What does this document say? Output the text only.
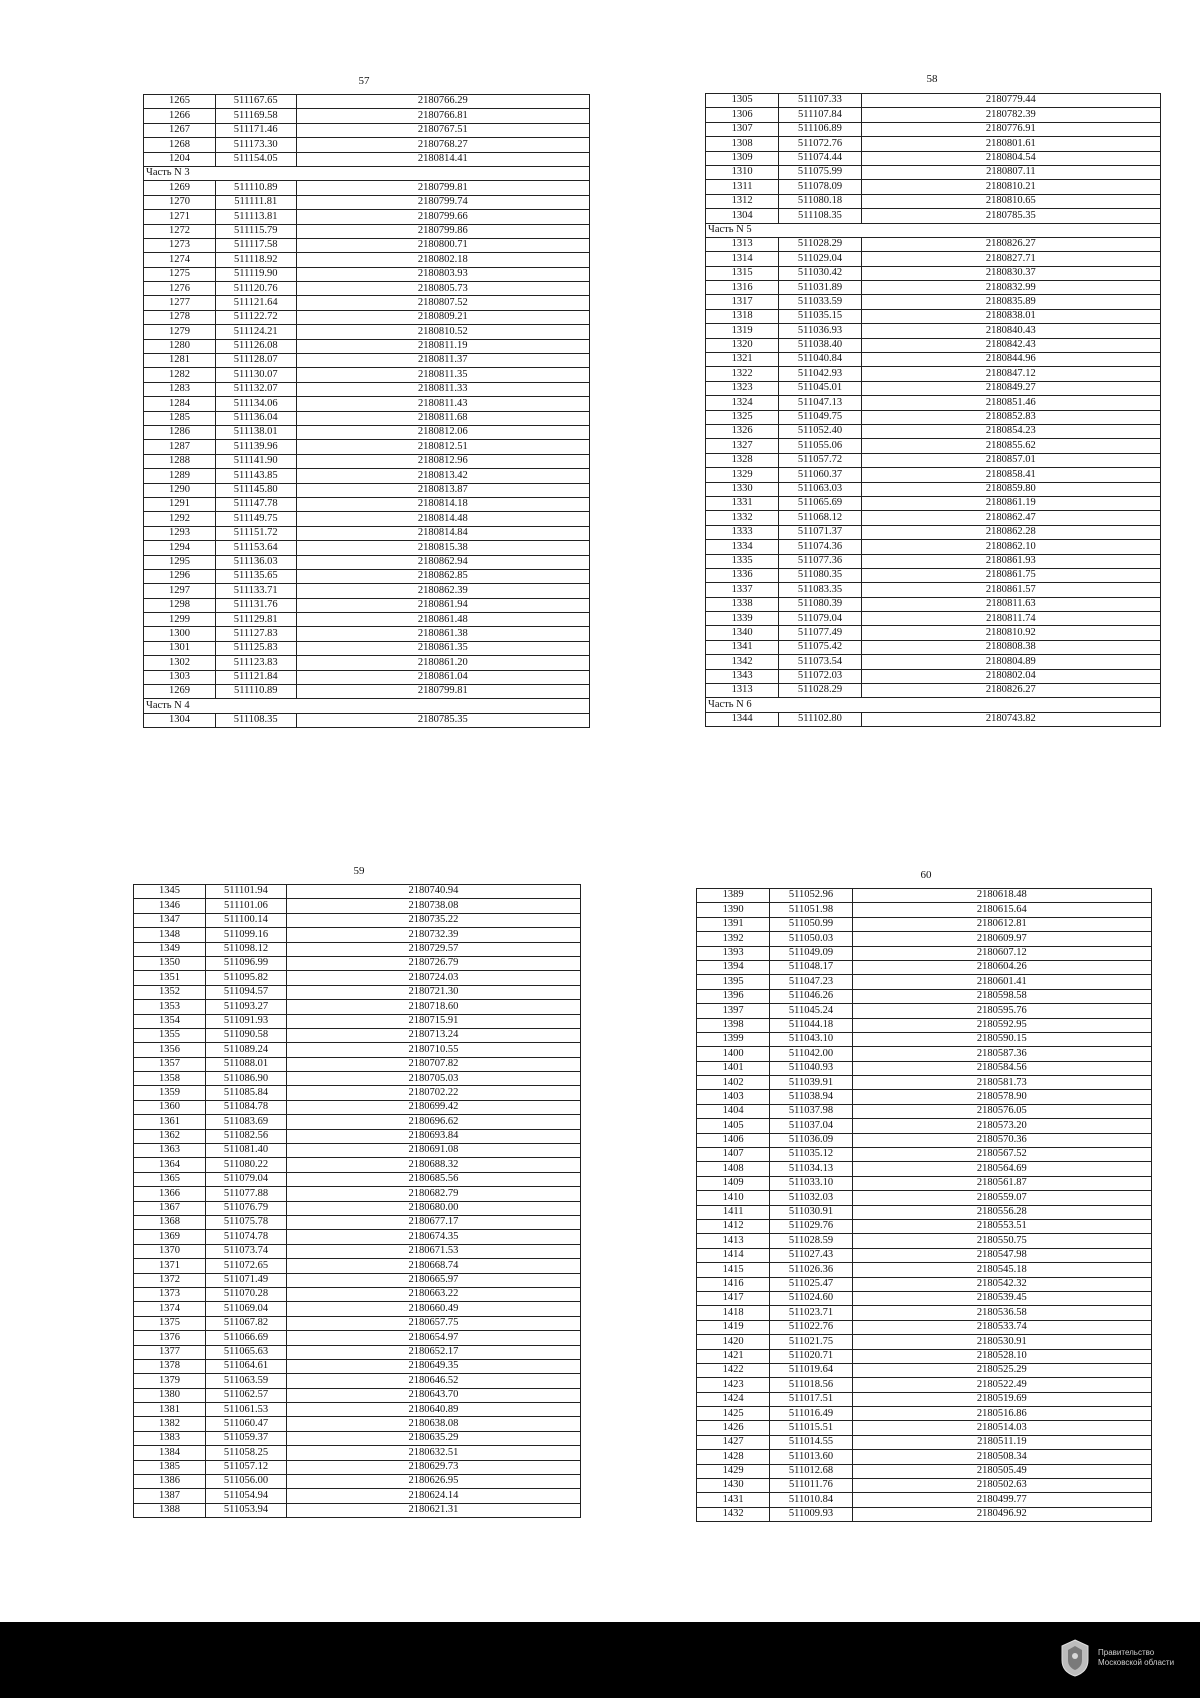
57	58
59	60
1265	511167.65	2180766.29
1266	511169.58	2180766.81
1267	511171.46	2180767.51
1268	511173.30	2180768.27
1204	511154.05	2180814.41
Часть N 3		
1269	511110.89	2180799.81
1270	511111.81	2180799.74
1271	511113.81	2180799.66
1272	511115.79	2180799.86
1273	511117.58	2180800.71
1274	511118.92	2180802.18
1275	511119.90	2180803.93
1276	511120.76	2180805.73
1277	511121.64	2180807.52
1278	511122.72	2180809.21
1279	511124.21	2180810.52
1280	511126.08	2180811.19
1281	511128.07	2180811.37
1282	511130.07	2180811.35
1283	511132.07	2180811.33
1284	511134.06	2180811.43
1285	511136.04	2180811.68
1286	511138.01	2180812.06
1287	511139.96	2180812.51
1288	511141.90	2180812.96
1289	511143.85	2180813.42
1290	511145.80	2180813.87
1291	511147.78	2180814.18
1292	511149.75	2180814.48
1293	511151.72	2180814.84
1294	511153.64	2180815.38
1295	511136.03	2180862.94
1296	511135.65	2180862.85
1297	511133.71	2180862.39
1298	511131.76	2180861.94
1299	511129.81	2180861.48
1300	511127.83	2180861.38
1301	511125.83	2180861.35
1302	511123.83	2180861.20
1303	511121.84	2180861.04
1269	511110.89	2180799.81
Часть N 4		
1304	511108.35	2180785.35
1305	511107.33	2180779.44
1306	511107.84	2180782.39
1307	511106.89	2180776.91
1308	511072.76	2180801.61
1309	511074.44	2180804.54
1310	511075.99	2180807.11
1311	511078.09	2180810.21
1312	511080.18	2180810.65
1304	511108.35	2180785.35
Часть N 5		
1313	511028.29	2180826.27
1314	511029.04	2180827.71
1315	511030.42	2180830.37
1316	511031.89	2180832.99
1317	511033.59	2180835.89
1318	511035.15	2180838.01
1319	511036.93	2180840.43
1320	511038.40	2180842.43
1321	511040.84	2180844.96
1322	511042.93	2180847.12
1323	511045.01	2180849.27
1324	511047.13	2180851.46
1325	511049.75	2180852.83
1326	511052.40	2180854.23
1327	511055.06	2180855.62
1328	511057.72	2180857.01
1329	511060.37	2180858.41
1330	511063.03	2180859.80
1331	511065.69	2180861.19
1332	511068.12	2180862.47
1333	511071.37	2180862.28
1334	511074.36	2180862.10
1335	511077.36	2180861.93
1336	511080.35	2180861.75
1337	511083.35	2180861.57
1338	511080.39	2180811.63
1339	511079.04	2180811.74
1340	511077.49	2180810.92
1341	511075.42	2180808.38
1342	511073.54	2180804.89
1343	511072.03	2180802.04
1313	511028.29	2180826.27
Часть N 6		
1344	511102.80	2180743.82
1345	511101.94	2180740.94
1346	511101.06	2180738.08
1347	511100.14	2180735.22
1348	511099.16	2180732.39
1349	511098.12	2180729.57
1350	511096.99	2180726.79
1351	511095.82	2180724.03
1352	511094.57	2180721.30
1353	511093.27	2180718.60
1354	511091.93	2180715.91
1355	511090.58	2180713.24
1356	511089.24	2180710.55
1357	511088.01	2180707.82
1358	511086.90	2180705.03
1359	511085.84	2180702.22
1360	511084.78	2180699.42
1361	511083.69	2180696.62
1362	511082.56	2180693.84
1363	511081.40	2180691.08
1364	511080.22	2180688.32
1365	511079.04	2180685.56
1366	511077.88	2180682.79
1367	511076.79	2180680.00
1368	511075.78	2180677.17
1369	511074.78	2180674.35
1370	511073.74	2180671.53
1371	511072.65	2180668.74
1372	511071.49	2180665.97
1373	511070.28	2180663.22
1374	511069.04	2180660.49
1375	511067.82	2180657.75
1376	511066.69	2180654.97
1377	511065.63	2180652.17
1378	511064.61	2180649.35
1379	511063.59	2180646.52
1380	511062.57	2180643.70
1381	511061.53	2180640.89
1382	511060.47	2180638.08
1383	511059.37	2180635.29
1384	511058.25	2180632.51
1385	511057.12	2180629.73
1386	511056.00	2180626.95
1387	511054.94	2180624.14
1388	511053.94	2180621.31
1389	511052.96	2180618.48
1390	511051.98	2180615.64
1391	511050.99	2180612.81
1392	511050.03	2180609.97
1393	511049.09	2180607.12
1394	511048.17	2180604.26
1395	511047.23	2180601.41
1396	511046.26	2180598.58
1397	511045.24	2180595.76
1398	511044.18	2180592.95
1399	511043.10	2180590.15
1400	511042.00	2180587.36
1401	511040.93	2180584.56
1402	511039.91	2180581.73
1403	511038.94	2180578.90
1404	511037.98	2180576.05
1405	511037.04	2180573.20
1406	511036.09	2180570.36
1407	511035.12	2180567.52
1408	511034.13	2180564.69
1409	511033.10	2180561.87
1410	511032.03	2180559.07
1411	511030.91	2180556.28
1412	511029.76	2180553.51
1413	511028.59	2180550.75
1414	511027.43	2180547.98
1415	511026.36	2180545.18
1416	511025.47	2180542.32
1417	511024.60	2180539.45
1418	511023.71	2180536.58
1419	511022.76	2180533.74
1420	511021.75	2180530.91
1421	511020.71	2180528.10
1422	511019.64	2180525.29
1423	511018.56	2180522.49
1424	511017.51	2180519.69
1425	511016.49	2180516.86
1426	511015.51	2180514.03
1427	511014.55	2180511.19
1428	511013.60	2180508.34
1429	511012.68	2180505.49
1430	511011.76	2180502.63
1431	511010.84	2180499.77
1432	511009.93	2180496.92
Правительство
Московской области
